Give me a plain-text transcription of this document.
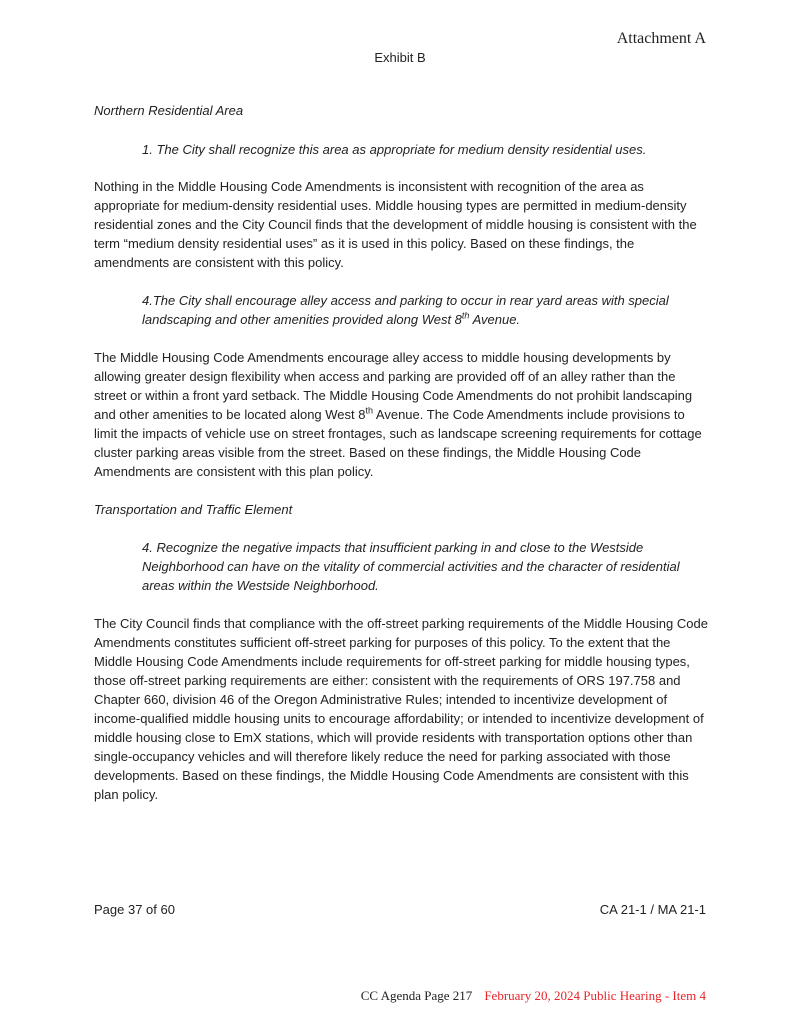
Attachment A
Exhibit B

Northern Residential Area

1. The City shall recognize this area as appropriate for medium density residential uses.

Nothing in the Middle Housing Code Amendments is inconsistent with recognition of the area as appropriate for medium-density residential uses. Middle housing types are permitted in medium-density residential zones and the City Council finds that the development of middle housing is consistent with the term “medium density residential uses” as it is used in this policy. Based on these findings, the amendments are consistent with this policy.

4.The City shall encourage alley access and parking to occur in rear yard areas with special landscaping and other amenities provided along West 8th Avenue.

The Middle Housing Code Amendments encourage alley access to middle housing developments by allowing greater design flexibility when access and parking are provided off of an alley rather than the street or within a front yard setback. The Middle Housing Code Amendments do not prohibit landscaping and other amenities to be located along West 8th Avenue. The Code Amendments include provisions to limit the impacts of vehicle use on street frontages, such as landscape screening requirements for cottage cluster parking areas visible from the street. Based on these findings, the Middle Housing Code Amendments are consistent with this plan policy.

Transportation and Traffic Element

4. Recognize the negative impacts that insufficient parking in and close to the Westside Neighborhood can have on the vitality of commercial activities and the character of residential areas within the Westside Neighborhood.

The City Council finds that compliance with the off-street parking requirements of the Middle Housing Code Amendments constitutes sufficient off-street parking for purposes of this policy. To the extent that the Middle Housing Code Amendments include requirements for off-street parking for middle housing types, those off-street parking requirements are either: consistent with the requirements of ORS 197.758 and Chapter 660, division 46 of the Oregon Administrative Rules; intended to incentivize development of income-qualified middle housing units to encourage affordability; or intended to incentivize development of middle housing close to EmX stations, which will provide residents with transportation options other than single-occupancy vehicles and will therefore likely reduce the need for parking associated with those developments. Based on these findings, the Middle Housing Code Amendments are consistent with this plan policy.

Page 37 of 60	CA 21-1 / MA 21-1
CC Agenda Page 217 February 20, 2024 Public Hearing - Item 4
